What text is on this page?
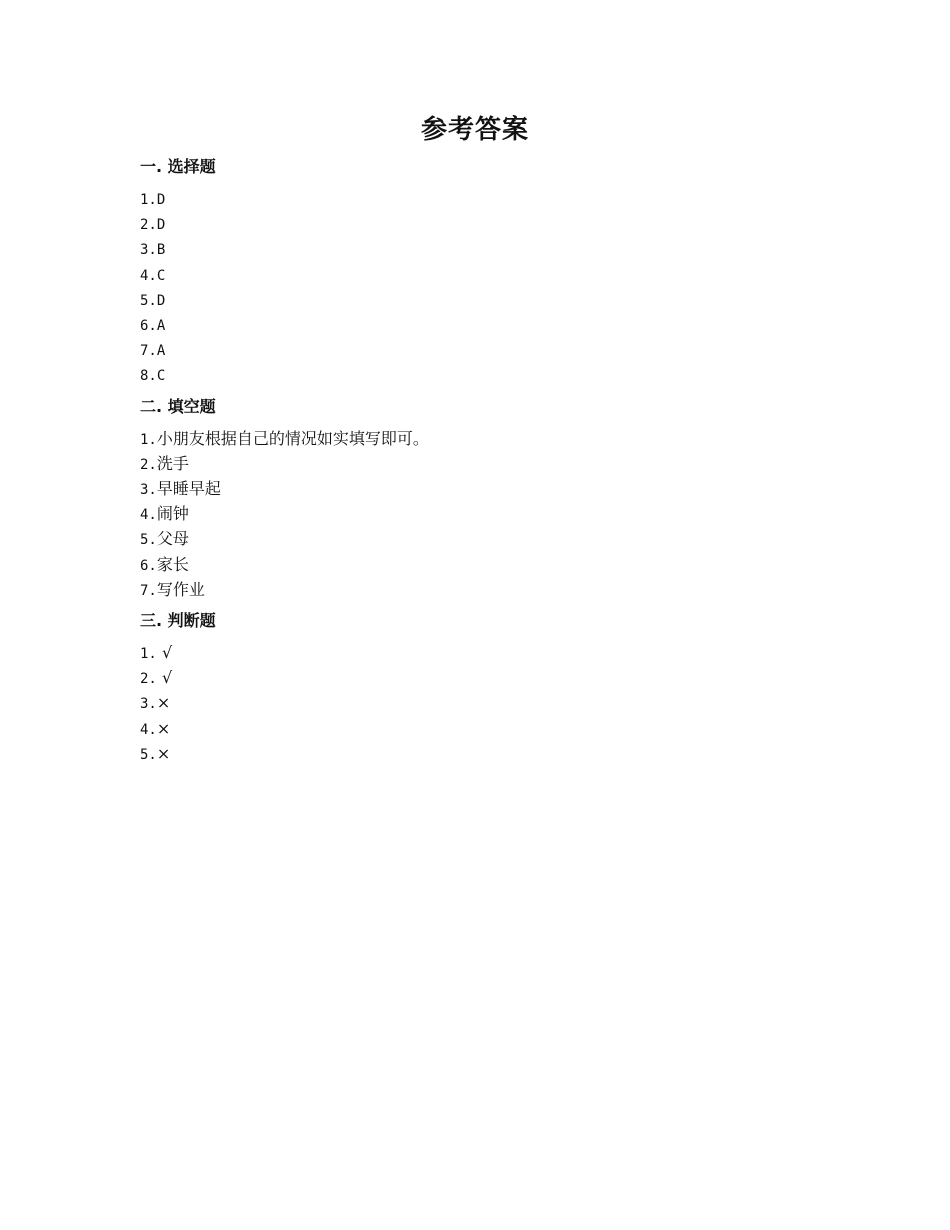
参考答案
一. 选择题
1.D
2.D
3.B
4.C
5.D
6.A
7.A
8.C
二. 填空题
1.小朋友根据自己的情况如实填写即可。
2.洗手
3.早睡早起
4.闹钟
5.父母
6.家长
7.写作业
三. 判断题
1. √
2. √
3.×
4.×
5.×
